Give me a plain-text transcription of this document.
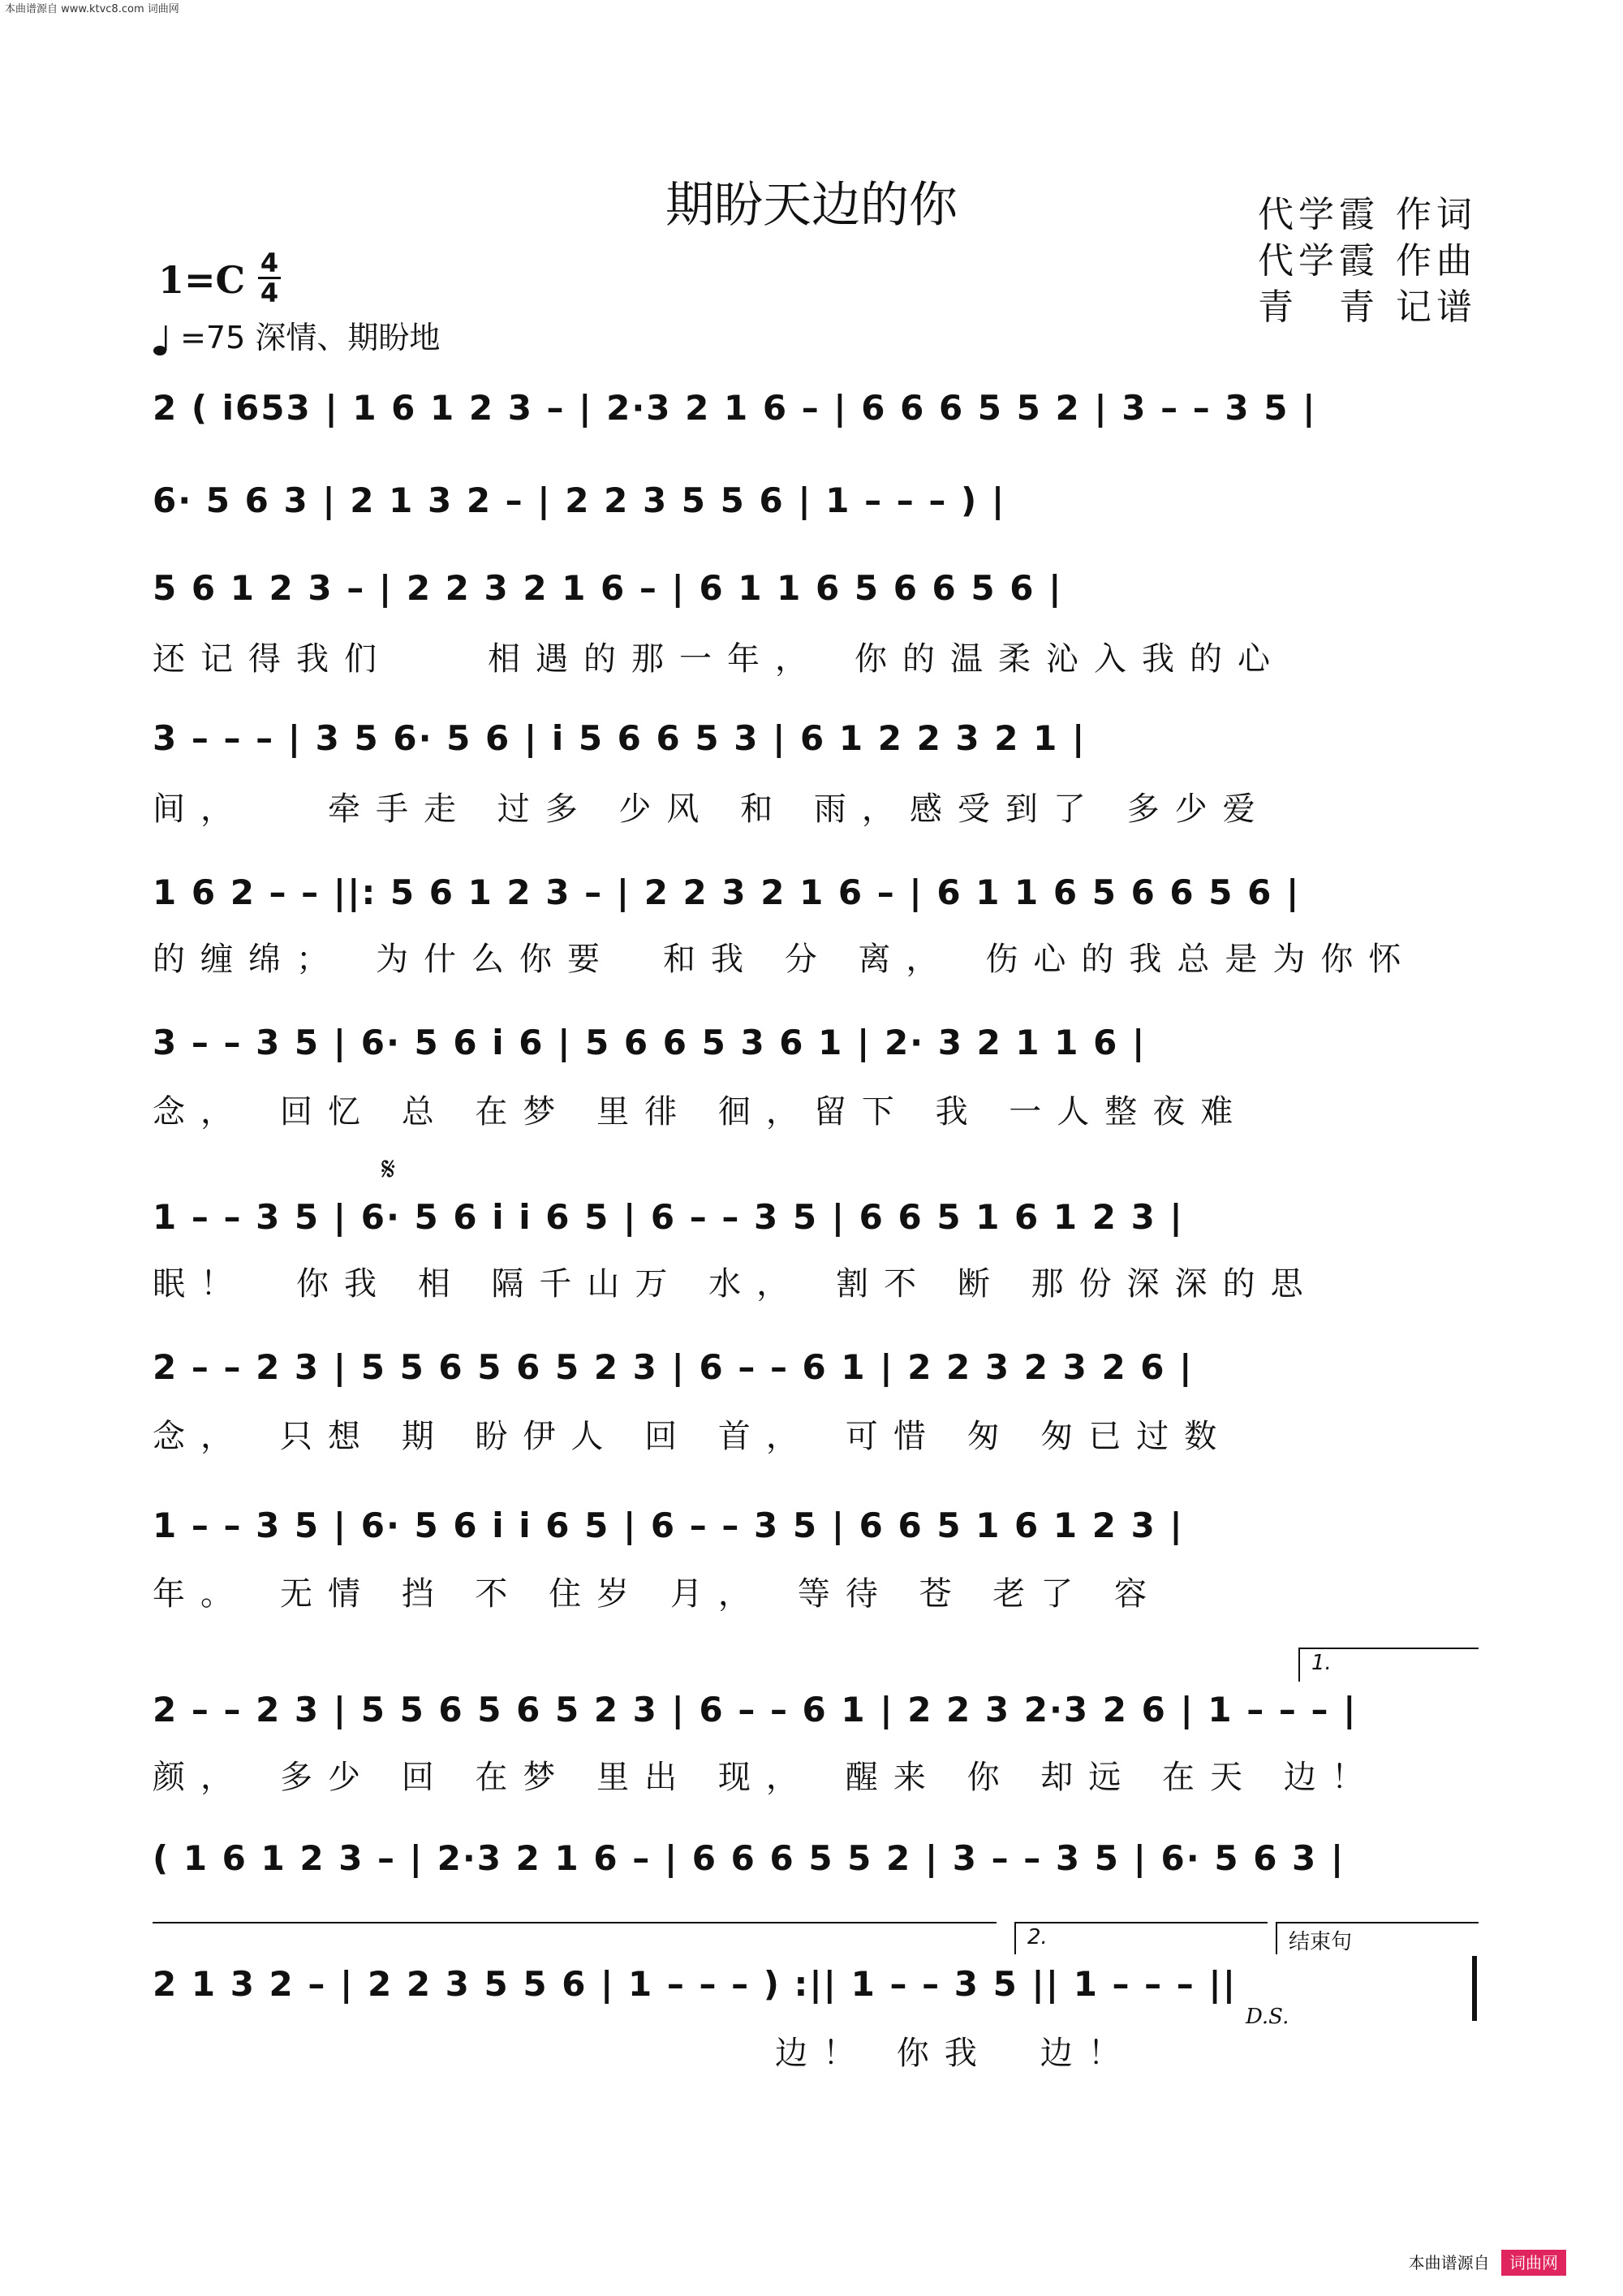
本曲谱源自 www.ktvc8.com 词曲网
期盼天边的你	代学霞 作词
代学霞 作曲
青　青 记谱
1=C 4
4
=75 深情、期盼地
2 ( i653 | 1 6 1 2 3 – | 2·3 2 1 6 – | 6 6 6 5 5 2 | 3 – – 3 5 |
6· 5 6 3 | 2 1 3 2 – | 2 2 3 5 5 6 | 1 – – – ) |
5 6 1 2 3 – | 2 2 3 2 1 6 – | 6 1 1 6 5 6 6 5 6 |
还记得我们　　相遇的那一年，　你的温柔沁入我的心
3 – – – | 3 5 6· 5 6 | i 5 6 6 5 3 | 6 1 2 2 3 2 1 |
间，　　牵手走 过多 少风 和 雨，感受到了 多少爱
1 6 2 – – ||: 5 6 1 2 3 – | 2 2 3 2 1 6 – | 6 1 1 6 5 6 6 5 6 |
的缠绵；　为什么你要　和我 分 离，　伤心的我总是为你怀
3 – – 3 5 | 6· 5 6 i 6 | 5 6 6 5 3 6 1 | 2· 3 2 1 1 6 |
念，　回忆 总 在梦 里徘 徊，留下 我 一人整夜难
𝄋
1 – – 3 5 | 6· 5 6 i i 6 5 | 6 – – 3 5 | 6 6 5 1 6 1 2 3 |
眠！　你我 相 隔千山万 水，　割不 断 那份深深的思
2 – – 2 3 | 5 5 6 5 6 5 2 3 | 6 – – 6 1 | 2 2 3 2 3 2 6 |
念，　只想 期 盼伊人 回 首，　可惜 匆 匆已过数
1 – – 3 5 | 6· 5 6 i i 6 5 | 6 – – 3 5 | 6 6 5 1 6 1 2 3 |
年。　无情 挡 不 住岁 月，　等待 苍 老了 容
1.
2 – – 2 3 | 5 5 6 5 6 5 2 3 | 6 – – 6 1 | 2 2 3 2·3 2 6 | 1 – – – |
颜，　多少 回 在梦 里出 现，　醒来 你 却远 在天 边！
( 1 6 1 2 3 – | 2·3 2 1 6 – | 6 6 6 5 5 2 | 3 – – 3 5 | 6· 5 6 3 |
2.	结束句
2 1 3 2 – | 2 2 3 5 5 6 | 1 – – – ) :|| 1 – – 3 5 || 1 – – – ||
　　　　　　　　　　　　　边！ 你我　边！
D.S.
本曲谱源自 词曲网
